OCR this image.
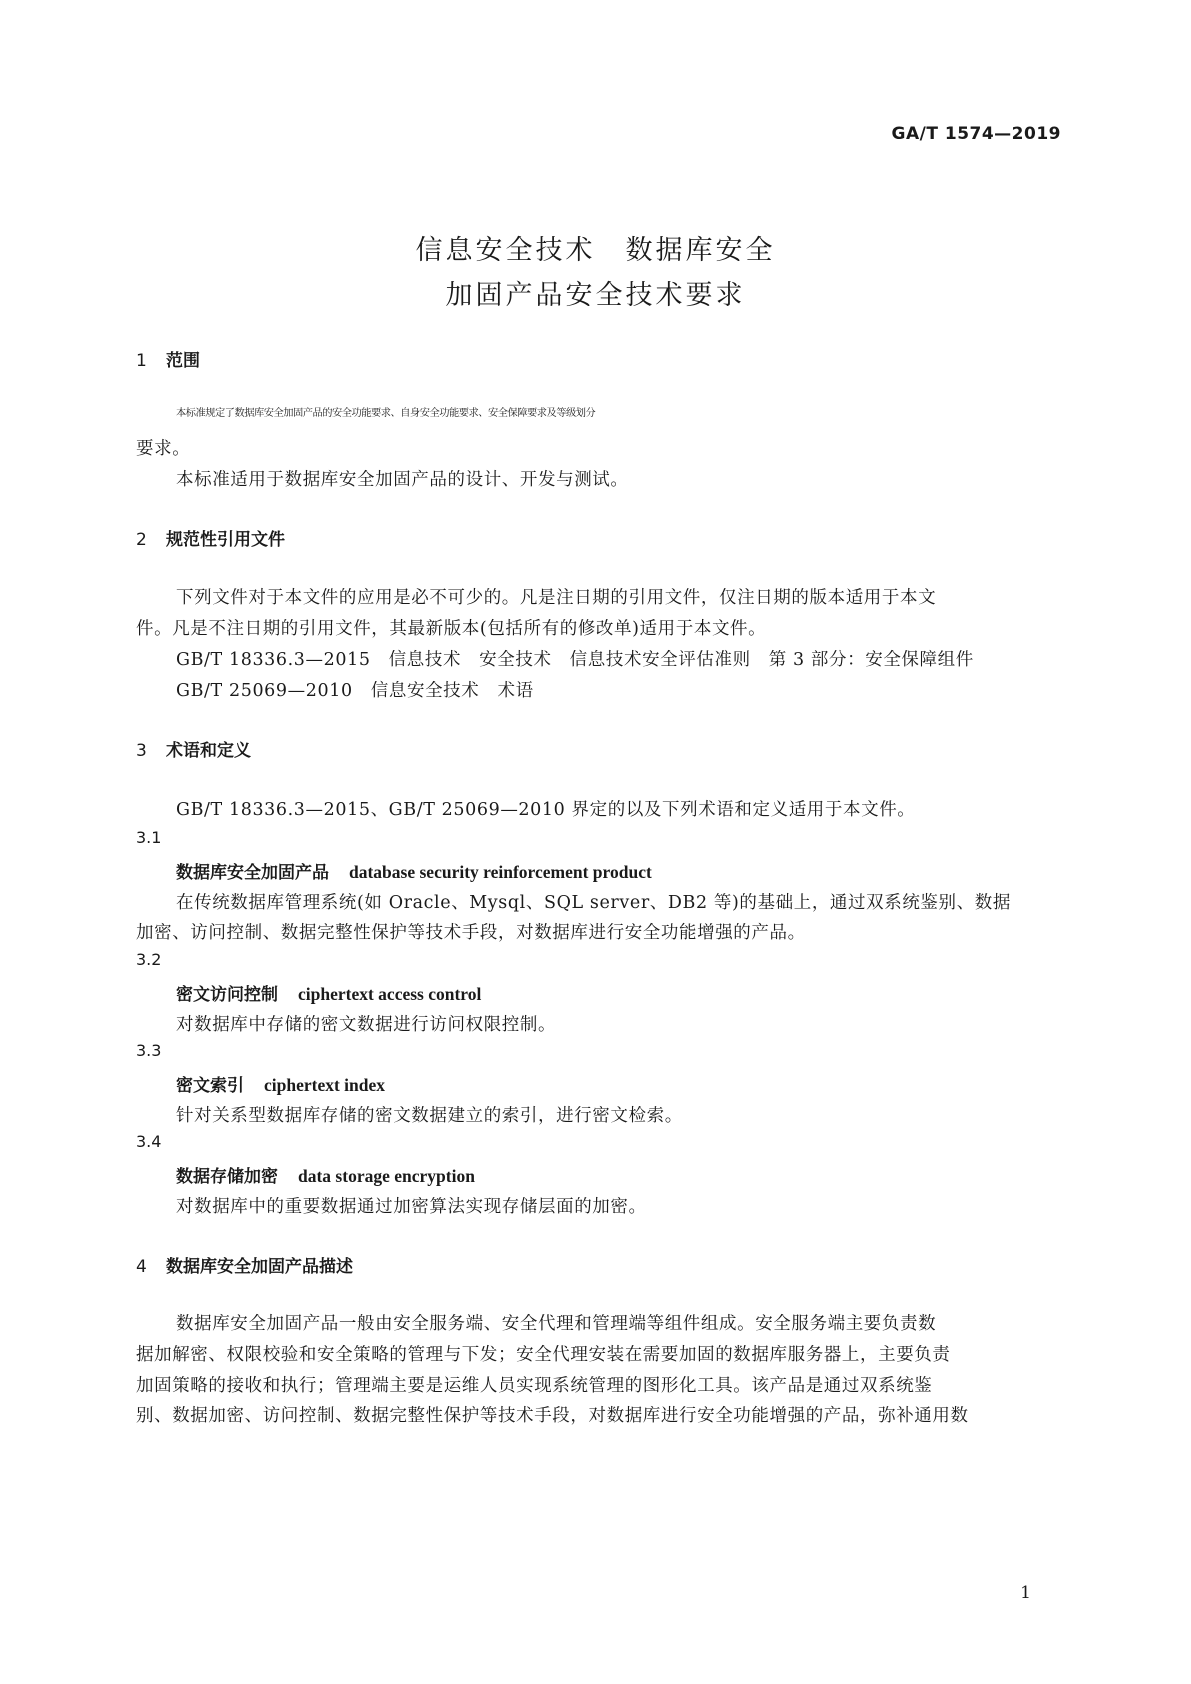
GA/T 1574—2019
信息安全技术　数据库安全
加固产品安全技术要求
1 范围
本标准规定了数据库安全加固产品的安全功能要求、自身安全功能要求、安全保障要求及等级划分
要求。
本标准适用于数据库安全加固产品的设计、开发与测试。
2 规范性引用文件
下列文件对于本文件的应用是必不可少的。凡是注日期的引用文件，仅注日期的版本适用于本文
件。凡是不注日期的引用文件，其最新版本(包括所有的修改单)适用于本文件。
GB/T 18336.3—2015　信息技术　安全技术　信息技术安全评估准则　第 3 部分：安全保障组件
GB/T 25069—2010　信息安全技术　术语
3 术语和定义
GB/T 18336.3—2015、GB/T 25069—2010 界定的以及下列术语和定义适用于本文件。
3.1
数据库安全加固产品 database security reinforcement product
在传统数据库管理系统(如 Oracle、Mysql、SQL server、DB2 等)的基础上，通过双系统鉴别、数据
加密、访问控制、数据完整性保护等技术手段，对数据库进行安全功能增强的产品。
3.2
密文访问控制 ciphertext access control
对数据库中存储的密文数据进行访问权限控制。
3.3
密文索引 ciphertext index
针对关系型数据库存储的密文数据建立的索引，进行密文检索。
3.4
数据存储加密 data storage encryption
对数据库中的重要数据通过加密算法实现存储层面的加密。
4 数据库安全加固产品描述
数据库安全加固产品一般由安全服务端、安全代理和管理端等组件组成。安全服务端主要负责数
据加解密、权限校验和安全策略的管理与下发；安全代理安装在需要加固的数据库服务器上，主要负责
加固策略的接收和执行；管理端主要是运维人员实现系统管理的图形化工具。该产品是通过双系统鉴
别、数据加密、访问控制、数据完整性保护等技术手段，对数据库进行安全功能增强的产品，弥补通用数
1
